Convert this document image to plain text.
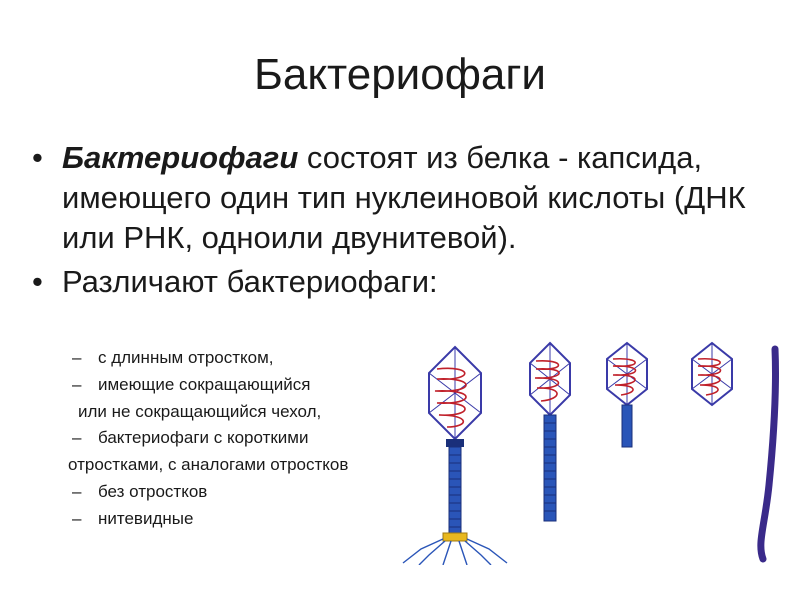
Бактериофаги
• Бактериофаги состоят из белка - капсида, имеющего один тип нуклеиновой кислоты (ДНК или РНК, одноили двунитевой).
• Различают бактериофаги:
– с длинным отростком,
– имеющие сокращающийся
или не сокращающийся чехол,
– бактериофаги с короткими
отростками, с аналогами отростков
– без отростков
– нитевидные
